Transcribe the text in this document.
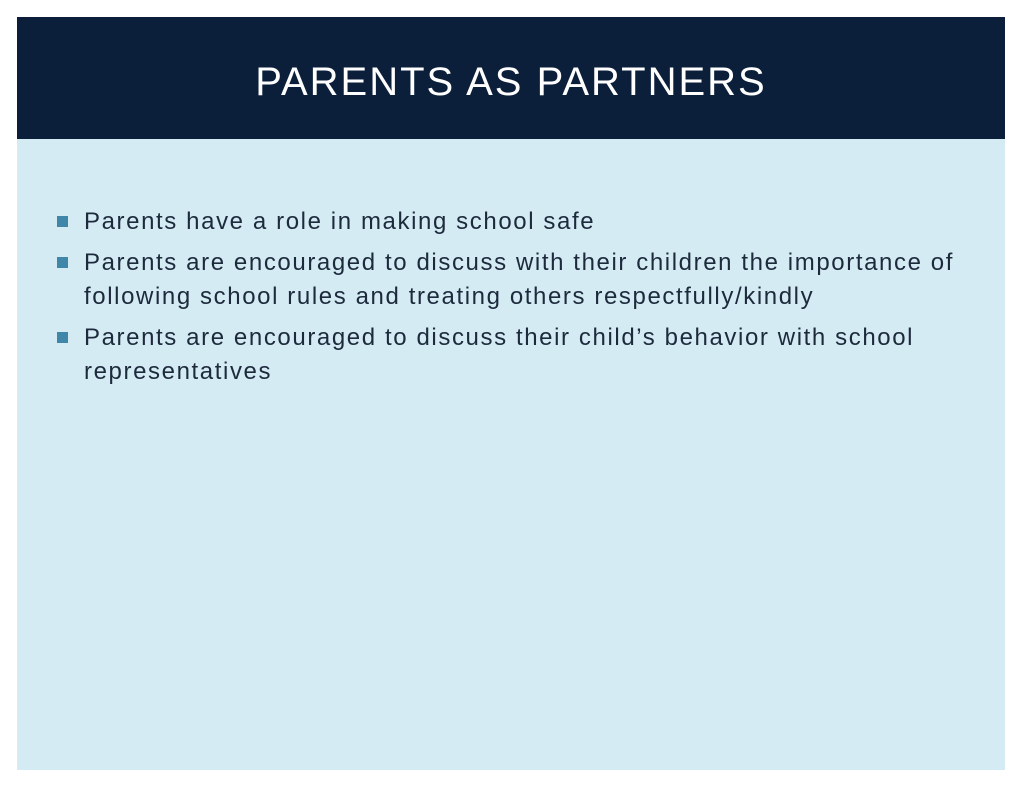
PARENTS AS PARTNERS
Parents have a role in making school safe
Parents are encouraged to discuss with their children the importance of following school rules and treating others respectfully/kindly
Parents are encouraged to discuss their child’s behavior with school representatives
